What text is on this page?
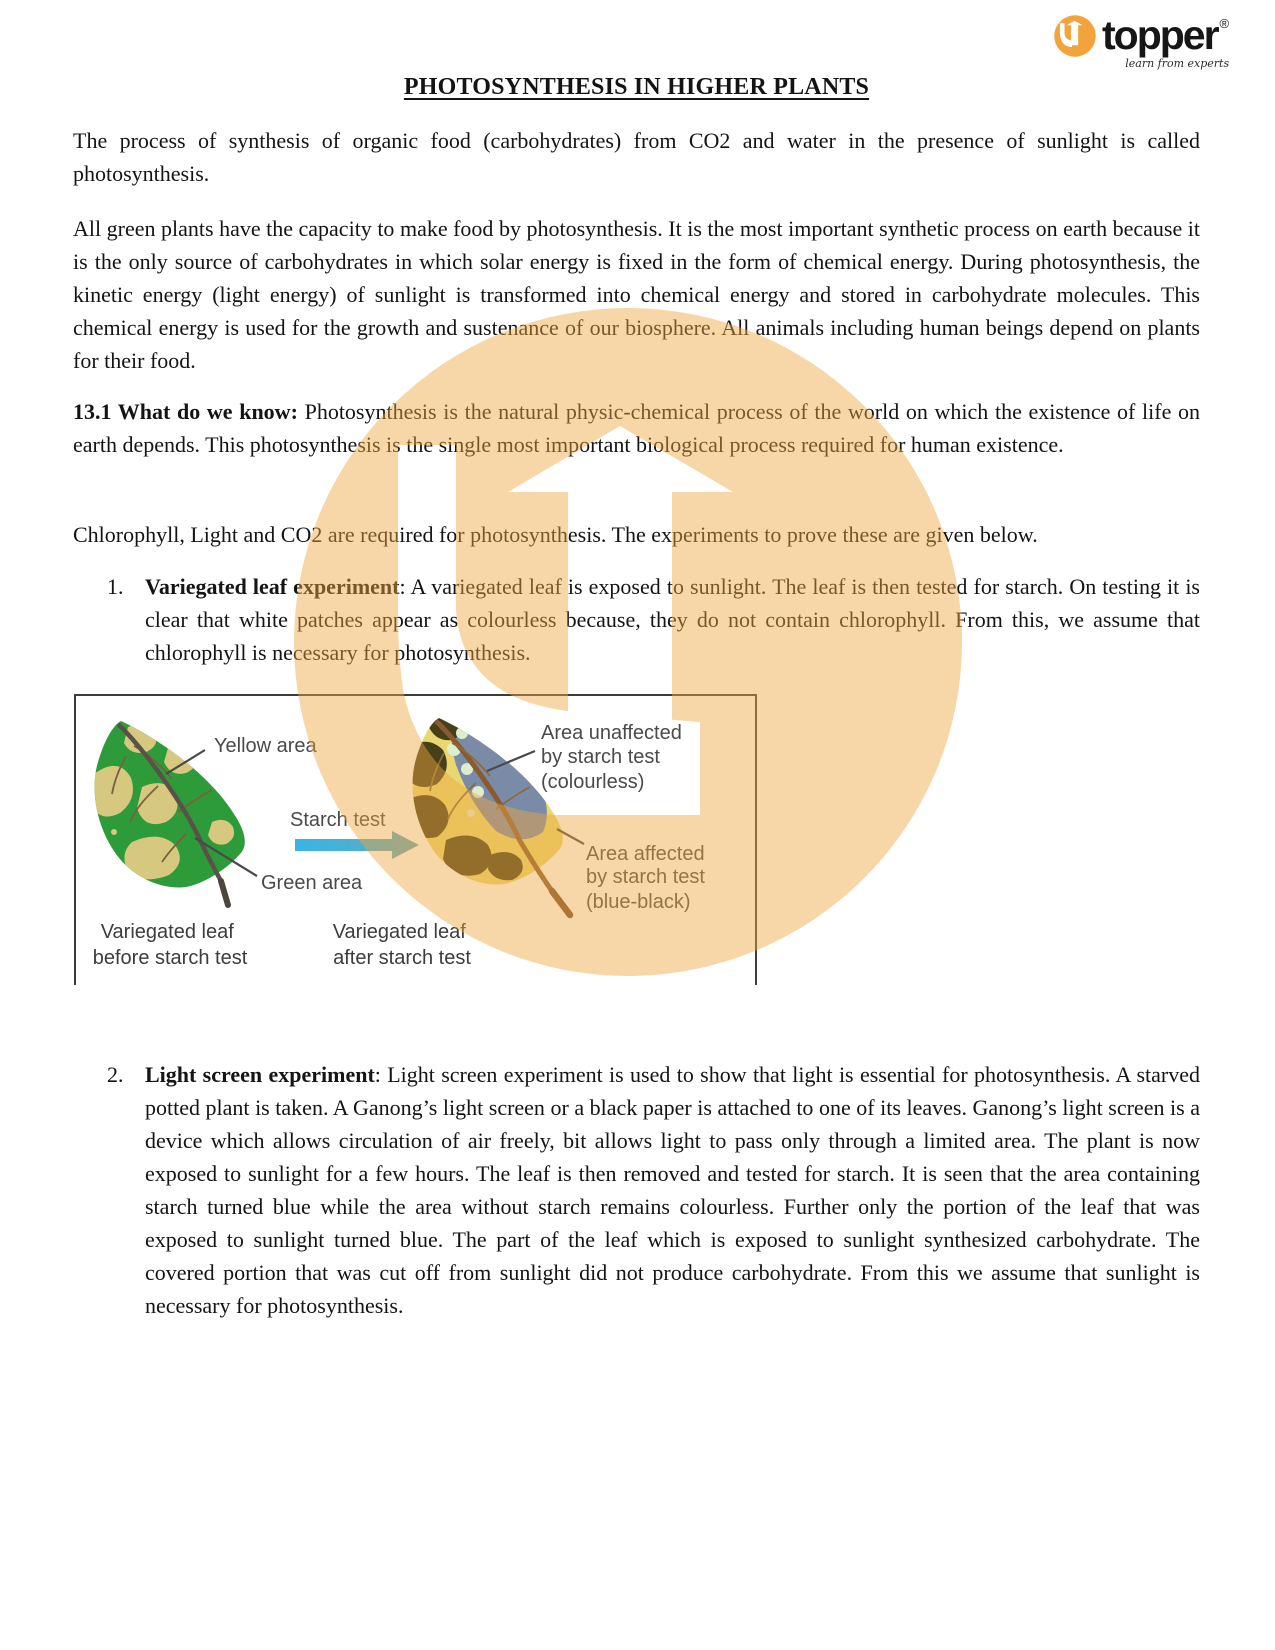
topper ®
learn from experts
PHOTOSYNTHESIS IN HIGHER PLANTS
The process of synthesis of organic food (carbohydrates) from CO2 and water in the presence of sunlight is called photosynthesis.
All green plants have the capacity to make food by photosynthesis. It is the most important synthetic process on earth because it is the only source of carbohydrates in which solar energy is fixed in the form of chemical energy. During photosynthesis, the kinetic energy (light energy) of sunlight is transformed into chemical energy and stored in carbohydrate molecules. This chemical energy is used for the growth and sustenance of our biosphere. All animals including human beings depend on plants for their food.
13.1 What do we know: Photosynthesis is the natural physic-chemical process of the world on which the existence of life on earth depends. This photosynthesis is the single most important biological process required for human existence.
Chlorophyll, Light and CO2 are required for photosynthesis. The experiments to prove these are given below.
1. Variegated leaf experiment: A variegated leaf is exposed to sunlight. The leaf is then tested for starch. On testing it is clear that white patches appear as colourless because, they do not contain chlorophyll. From this, we assume that chlorophyll is necessary for photosynthesis.
Starch test
Yellow area
Green area
Area unaffected by starch test (colourless)
Area affected by starch test (blue-black)
Variegated leaf before starch test
Variegated leaf after starch test
2. Light screen experiment: Light screen experiment is used to show that light is essential for photosynthesis. A starved potted plant is taken. A Ganong’s light screen or a black paper is attached to one of its leaves. Ganong’s light screen is a device which allows circulation of air freely, bit allows light to pass only through a limited area. The plant is now exposed to sunlight for a few hours. The leaf is then removed and tested for starch. It is seen that the area containing starch turned blue while the area without starch remains colourless. Further only the portion of the leaf that was exposed to sunlight turned blue. The part of the leaf which is exposed to sunlight synthesized carbohydrate. The covered portion that was cut off from sunlight did not produce carbohydrate. From this we assume that sunlight is necessary for photosynthesis.
